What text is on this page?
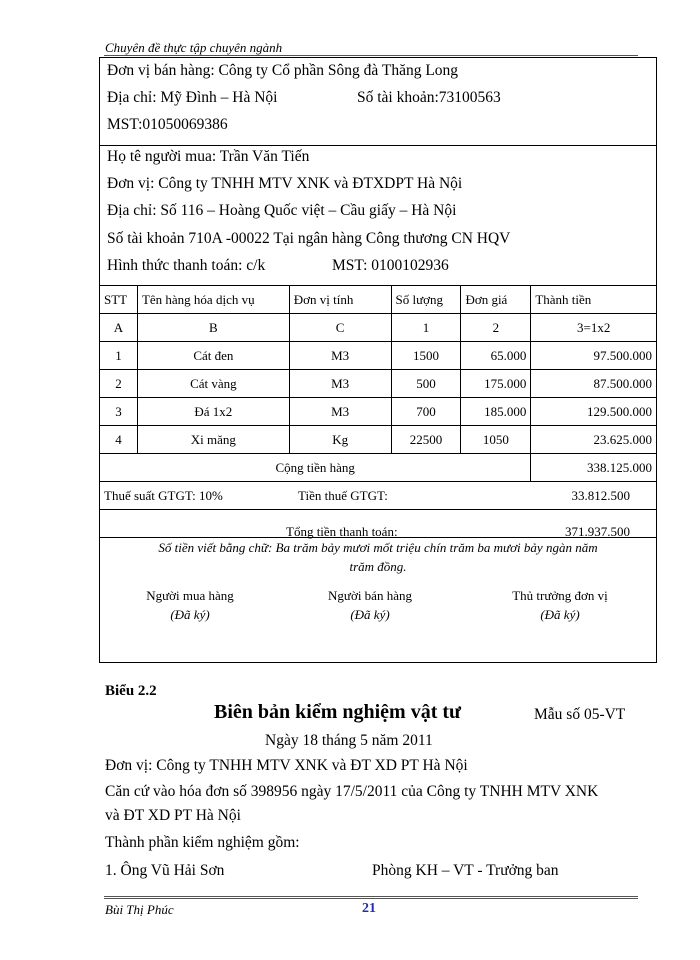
Chuyên đề thực tập chuyên ngành
Đơn vị bán hàng: Công ty Cổ phần Sông đà Thăng Long
Địa chỉ: Mỹ Đình – Hà Nội	Số tài khoản:73100563
MST:01050069386
Họ tê người mua: Trần Văn Tiến
Đơn vị: Công ty TNHH MTV XNK và ĐTXDPT Hà Nội
Địa chỉ: Số 116 – Hoàng Quốc việt – Cầu giấy – Hà Nội
Số tài khoản 710A -00022 Tại ngân hàng Công thương CN HQV
Hình thức thanh toán: c/k	MST: 0100102936
STT	Tên hàng hóa dịch vụ	Đơn vị tính	Số lượng	Đơn giá	Thành tiền
A	B	C	1	2	3=1x2
1	Cát đen	M3	1500	65.000	97.500.000
2	Cát vàng	M3	500	175.000	87.500.000
3	Đá 1x2	M3	700	185.000	129.500.000
4	Xi măng	Kg	22500	1050	23.625.000
Cộng tiền hàng					338.125.000
Thuế suất GTGT: 10% Tiền thuế GTGT: 33.812.500					

Tổng tiền thanh toán: 371.937.500					
Số tiền viết bằng chữ: Ba trăm bảy mươi mốt triệu chín trăm ba mươi bảy ngàn năm
trăm đồng.
Người mua hàng
(Đã ký)
Người bán hàng
(Đã ký)
Thủ trưởng đơn vị
(Đã ký)
Biểu 2.2
Biên bản kiểm nghiệm vật tư	Mẫu số 05-VT
Ngày 18 tháng 5 năm 2011
Đơn vị: Công ty TNHH MTV XNK và ĐT XD PT Hà Nội
Căn cứ vào hóa đơn số 398956 ngày 17/5/2011 của Công ty TNHH MTV XNK
và ĐT XD PT Hà Nội
Thành phần kiểm nghiệm gồm:
1. Ông Vũ Hải Sơn	Phòng KH – VT - Trưởng ban
Bùi Thị Phúc	21
